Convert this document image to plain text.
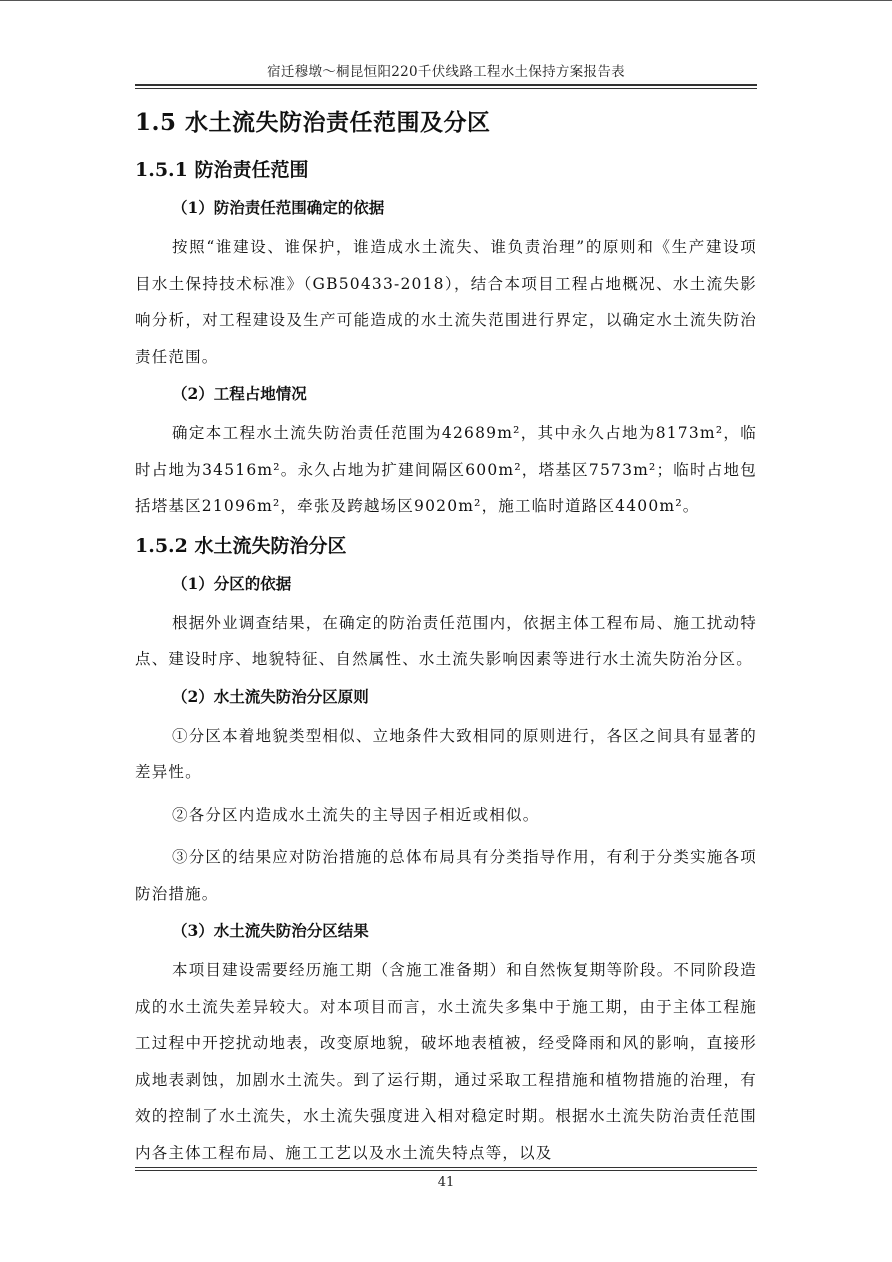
宿迁穆墩～桐昆恒阳220千伏线路工程水土保持方案报告表
1.5 水土流失防治责任范围及分区
1.5.1 防治责任范围
（1）防治责任范围确定的依据

按照“谁建设、谁保护，谁造成水土流失、谁负责治理”的原则和《生产建设项目水土保持技术标准》（GB50433-2018），结合本项目工程占地概况、水土流失影响分析，对工程建设及生产可能造成的水土流失范围进行界定，以确定水土流失防治责任范围。

（2）工程占地情况

确定本工程水土流失防治责任范围为42689m²，其中永久占地为8173m²，临时占地为34516m²。永久占地为扩建间隔区600m²，塔基区7573m²；临时占地包括塔基区21096m²，牵张及跨越场区9020m²，施工临时道路区4400m²。

1.5.2 水土流失防治分区
（1）分区的依据

根据外业调查结果，在确定的防治责任范围内，依据主体工程布局、施工扰动特点、建设时序、地貌特征、自然属性、水土流失影响因素等进行水土流失防治分区。

（2）水土流失防治分区原则

①分区本着地貌类型相似、立地条件大致相同的原则进行，各区之间具有显著的差异性。

②各分区内造成水土流失的主导因子相近或相似。

③分区的结果应对防治措施的总体布局具有分类指导作用，有利于分类实施各项防治措施。

（3）水土流失防治分区结果

本项目建设需要经历施工期（含施工准备期）和自然恢复期等阶段。不同阶段造成的水土流失差异较大。对本项目而言，水土流失多集中于施工期，由于主体工程施工过程中开挖扰动地表，改变原地貌，破坏地表植被，经受降雨和风的影响，直接形成地表剥蚀，加剧水土流失。到了运行期，通过采取工程措施和植物措施的治理，有效的控制了水土流失，水土流失强度进入相对稳定时期。根据水土流失防治责任范围内各主体工程布局、施工工艺以及水土流失特点等，以及

41
